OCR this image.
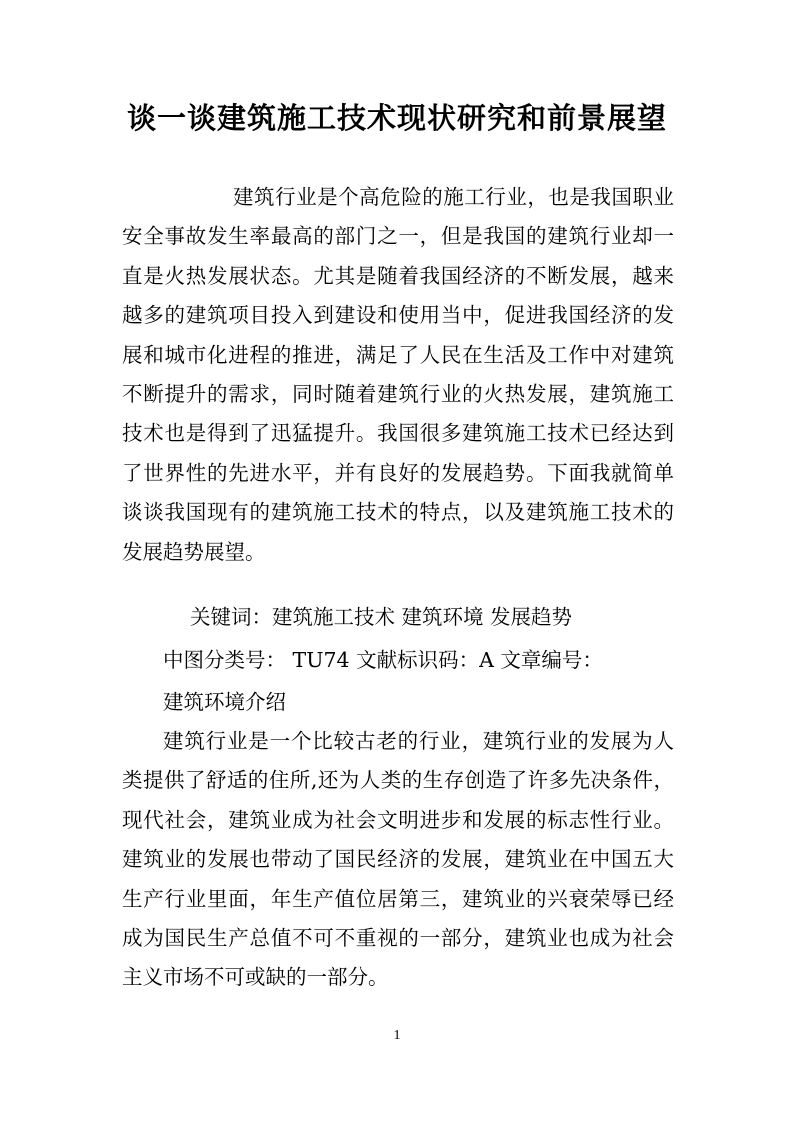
谈一谈建筑施工技术现状研究和前景展望

建筑行业是个高危险的施工行业，也是我国职业安全事故发生率最高的部门之一，但是我国的建筑行业却一直是火热发展状态。尤其是随着我国经济的不断发展，越来越多的建筑项目投入到建设和使用当中，促进我国经济的发展和城市化进程的推进，满足了人民在生活及工作中对建筑不断提升的需求，同时随着建筑行业的火热发展，建筑施工技术也是得到了迅猛提升。我国很多建筑施工技术已经达到了世界性的先进水平，并有良好的发展趋势。下面我就简单谈谈我国现有的建筑施工技术的特点，以及建筑施工技术的发展趋势展望。

关键词：建筑施工技术 建筑环境 发展趋势

中图分类号： TU74 文献标识码：A 文章编号：

建筑环境介绍

建筑行业是一个比较古老的行业，建筑行业的发展为人类提供了舒适的住所,还为人类的生存创造了许多先决条件，现代社会，建筑业成为社会文明进步和发展的标志性行业。建筑业的发展也带动了国民经济的发展，建筑业在中国五大生产行业里面，年生产值位居第三，建筑业的兴衰荣辱已经成为国民生产总值不可不重视的一部分，建筑业也成为社会主义市场不可或缺的一部分。

1
